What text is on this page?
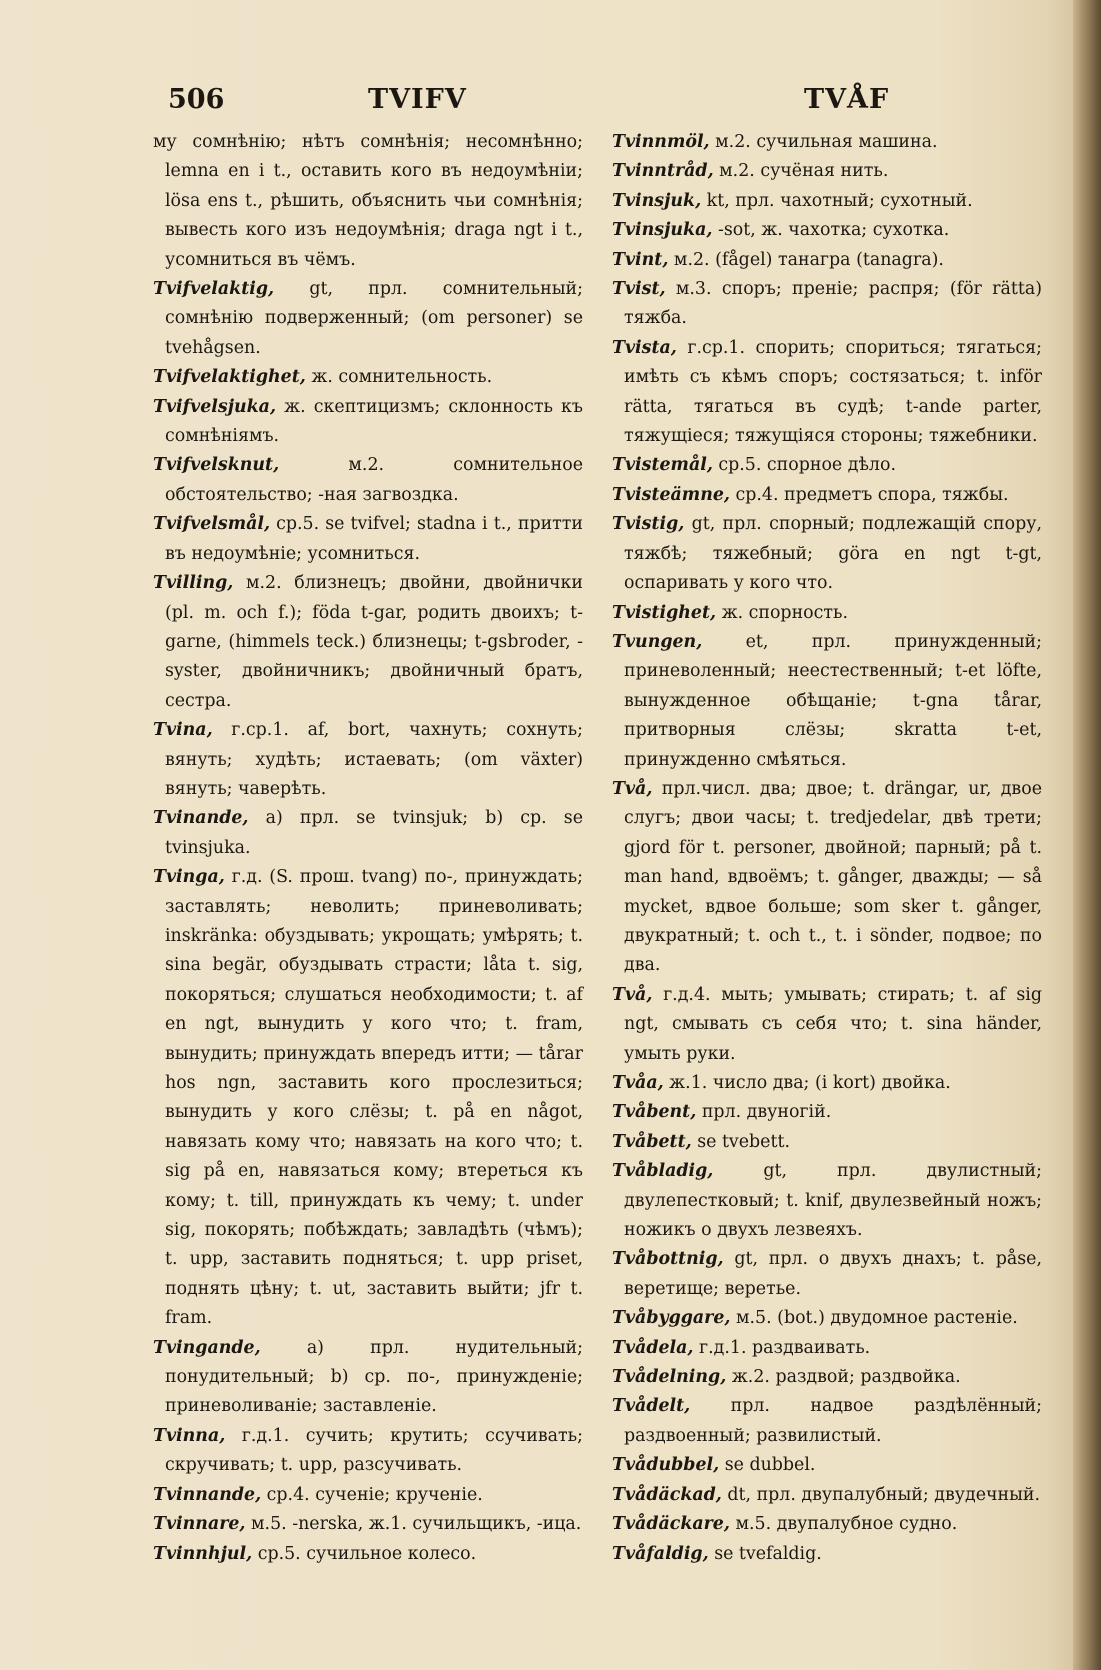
506	TVIFV	TVÅF
му сомнѣнію; нѣтъ сомнѣнія; несомнѣнно; lemna en i t., оставить кого въ недоумѣніи; lösa ens t., рѣшить, объяснить чьи сомнѣнія; вывесть кого изъ недоумѣнія; draga ngt i t., усомниться въ чёмъ.
Tvifvelaktig, gt, прл. сомнительный; сомнѣнію подверженный; (om personer) se tvehågsen.
Tvifvelaktighet, ж. сомнительность.
Tvifvelsjuka, ж. скептицизмъ; склонность къ сомнѣніямъ.
Tvifvelsknut,	м.2. сомнительное обстоятельство; -ная загвоздка.
Tvifvelsmål, ср.5. se tvifvel; stadna i t., притти въ недоумѣніе; усомниться.
Tvilling, м.2. близнецъ; двойни, двойнички (pl. m. och f.); föda t-gar, родить двоихъ; t-garne, (himmels teck.) близнецы; t-gsbroder, -syster, двойничникъ; двойничный братъ, сестра.
Tvina, г.ср.1. af, bort, чахнуть; сохнуть; вянуть; худѣть; истаевать; (om växter) вянуть; чаверѣть.
Tvinande, a) прл. se tvinsjuk; b) ср. se tvinsjuka.
Tvinga, г.д. (S. прош. tvang) по-, принуждать; заставлять; неволить; приневоливать; inskränka: обуздывать; укрощать; умѣрять; t. sina begär, обуздывать страсти; låta t. sig, покоряться; слушаться необходимости; t. af en ngt, вынудить у кого что; t. fram, вынудить; принуждать впередъ итти; — tårar hos ngn, заставить кого прослезиться; вынудить у кого слёзы; t. på en något, навязать кому что; навязать на кого что; t. sig på en, навязаться кому; втереться къ кому; t. till, принуждать къ чему; t. under sig, покорять; побѣждать; завладѣть (чѣмъ); t. upp, заставить подняться; t. upp priset, поднять цѣну; t. ut, заставить выйти; jfr t. fram.
Tvingande,	a) прл. нудительный; понудительный; b) ср. по-, принужденіе; приневоливаніе; заставленіе.
Tvinna, г.д.1. сучить; крутить; ссучивать; скручивать; t. upp, разсучивать.
Tvinnande, ср.4. сученіе; крученіе.
Tvinnare, м.5. -nerska, ж.1. сучильщикъ, -ица.
Tvinnhjul, ср.5. сучильное колесо.
Tvinnmöl, м.2. сучильная машина.
Tvinntråd, м.2. сучёная нить.
Tvinsjuk, kt, прл. чахотный; сухотный.
Tvinsjuka, -sot, ж. чахотка; сухотка.
Tvint, м.2. (fågel) танагра (tanagra).
Tvist, м.3. споръ; преніе; распря; (för rätta) тяжба.
Tvista, г.ср.1. спорить; спориться; тягаться; имѣть съ кѣмъ споръ; состязаться; t. inför rätta, тягаться въ судѣ; t-ande parter, тяжущіеся; тяжущіяся стороны; тяжебники.
Tvistemål, ср.5. спорное дѣло.
Tvisteämne, ср.4. предметъ спора, тяжбы.
Tvistig, gt, прл. спорный; подлежащій спору, тяжбѣ; тяжебный; göra en ngt t-gt, оспаривать у кого что.
Tvistighet, ж. спорность.
Tvungen, et, прл. принужденный; приневоленный; неестественный; t-et löfte, вынужденное обѣщаніе; t-gna tårar, притворныя слёзы; skratta t-et, принужденно смѣяться.
Två, прл.числ. два; двое; t. drängar, ur, двое слугъ; двои часы; t. tredjedelar, двѣ трети; gjord för t. personer, двойной; парный; på t. man hand, вдвоёмъ; t. gånger, дважды; — så mycket, вдвое больше; som sker t. gånger, двукратный; t. och t., t. i sönder, подвое; по два.
Två, г.д.4. мыть; умывать; стирать; t. af sig ngt, смывать съ себя что; t. sina händer, умыть руки.
Tvåa, ж.1. число два; (i kort) двойка.
Tvåbent, прл. двуногій.
Tvåbett, se tvebett.
Tvåbladig,	gt, прл. двулистный; двулепестковый; t. knif, двулезвейный ножъ; ножикъ о двухъ лезвеяхъ.
Tvåbottnig, gt, прл. о двухъ днахъ; t. påse, веретище; веретье.
Tvåbyggare, м.5. (bot.) двудомное растеніе.
Tvådela, г.д.1. раздваивать.
Tvådelning, ж.2. раздвой; раздвойка.
Tvådelt, прл. надвое раздѣлённый; раздвоенный; развилистый.
Tvådubbel, se dubbel.
Tvådäckad, dt, прл. двупалубный; двудечный.
Tvådäckare, м.5. двупалубное судно.
Tvåfaldig, se tvefaldig.
